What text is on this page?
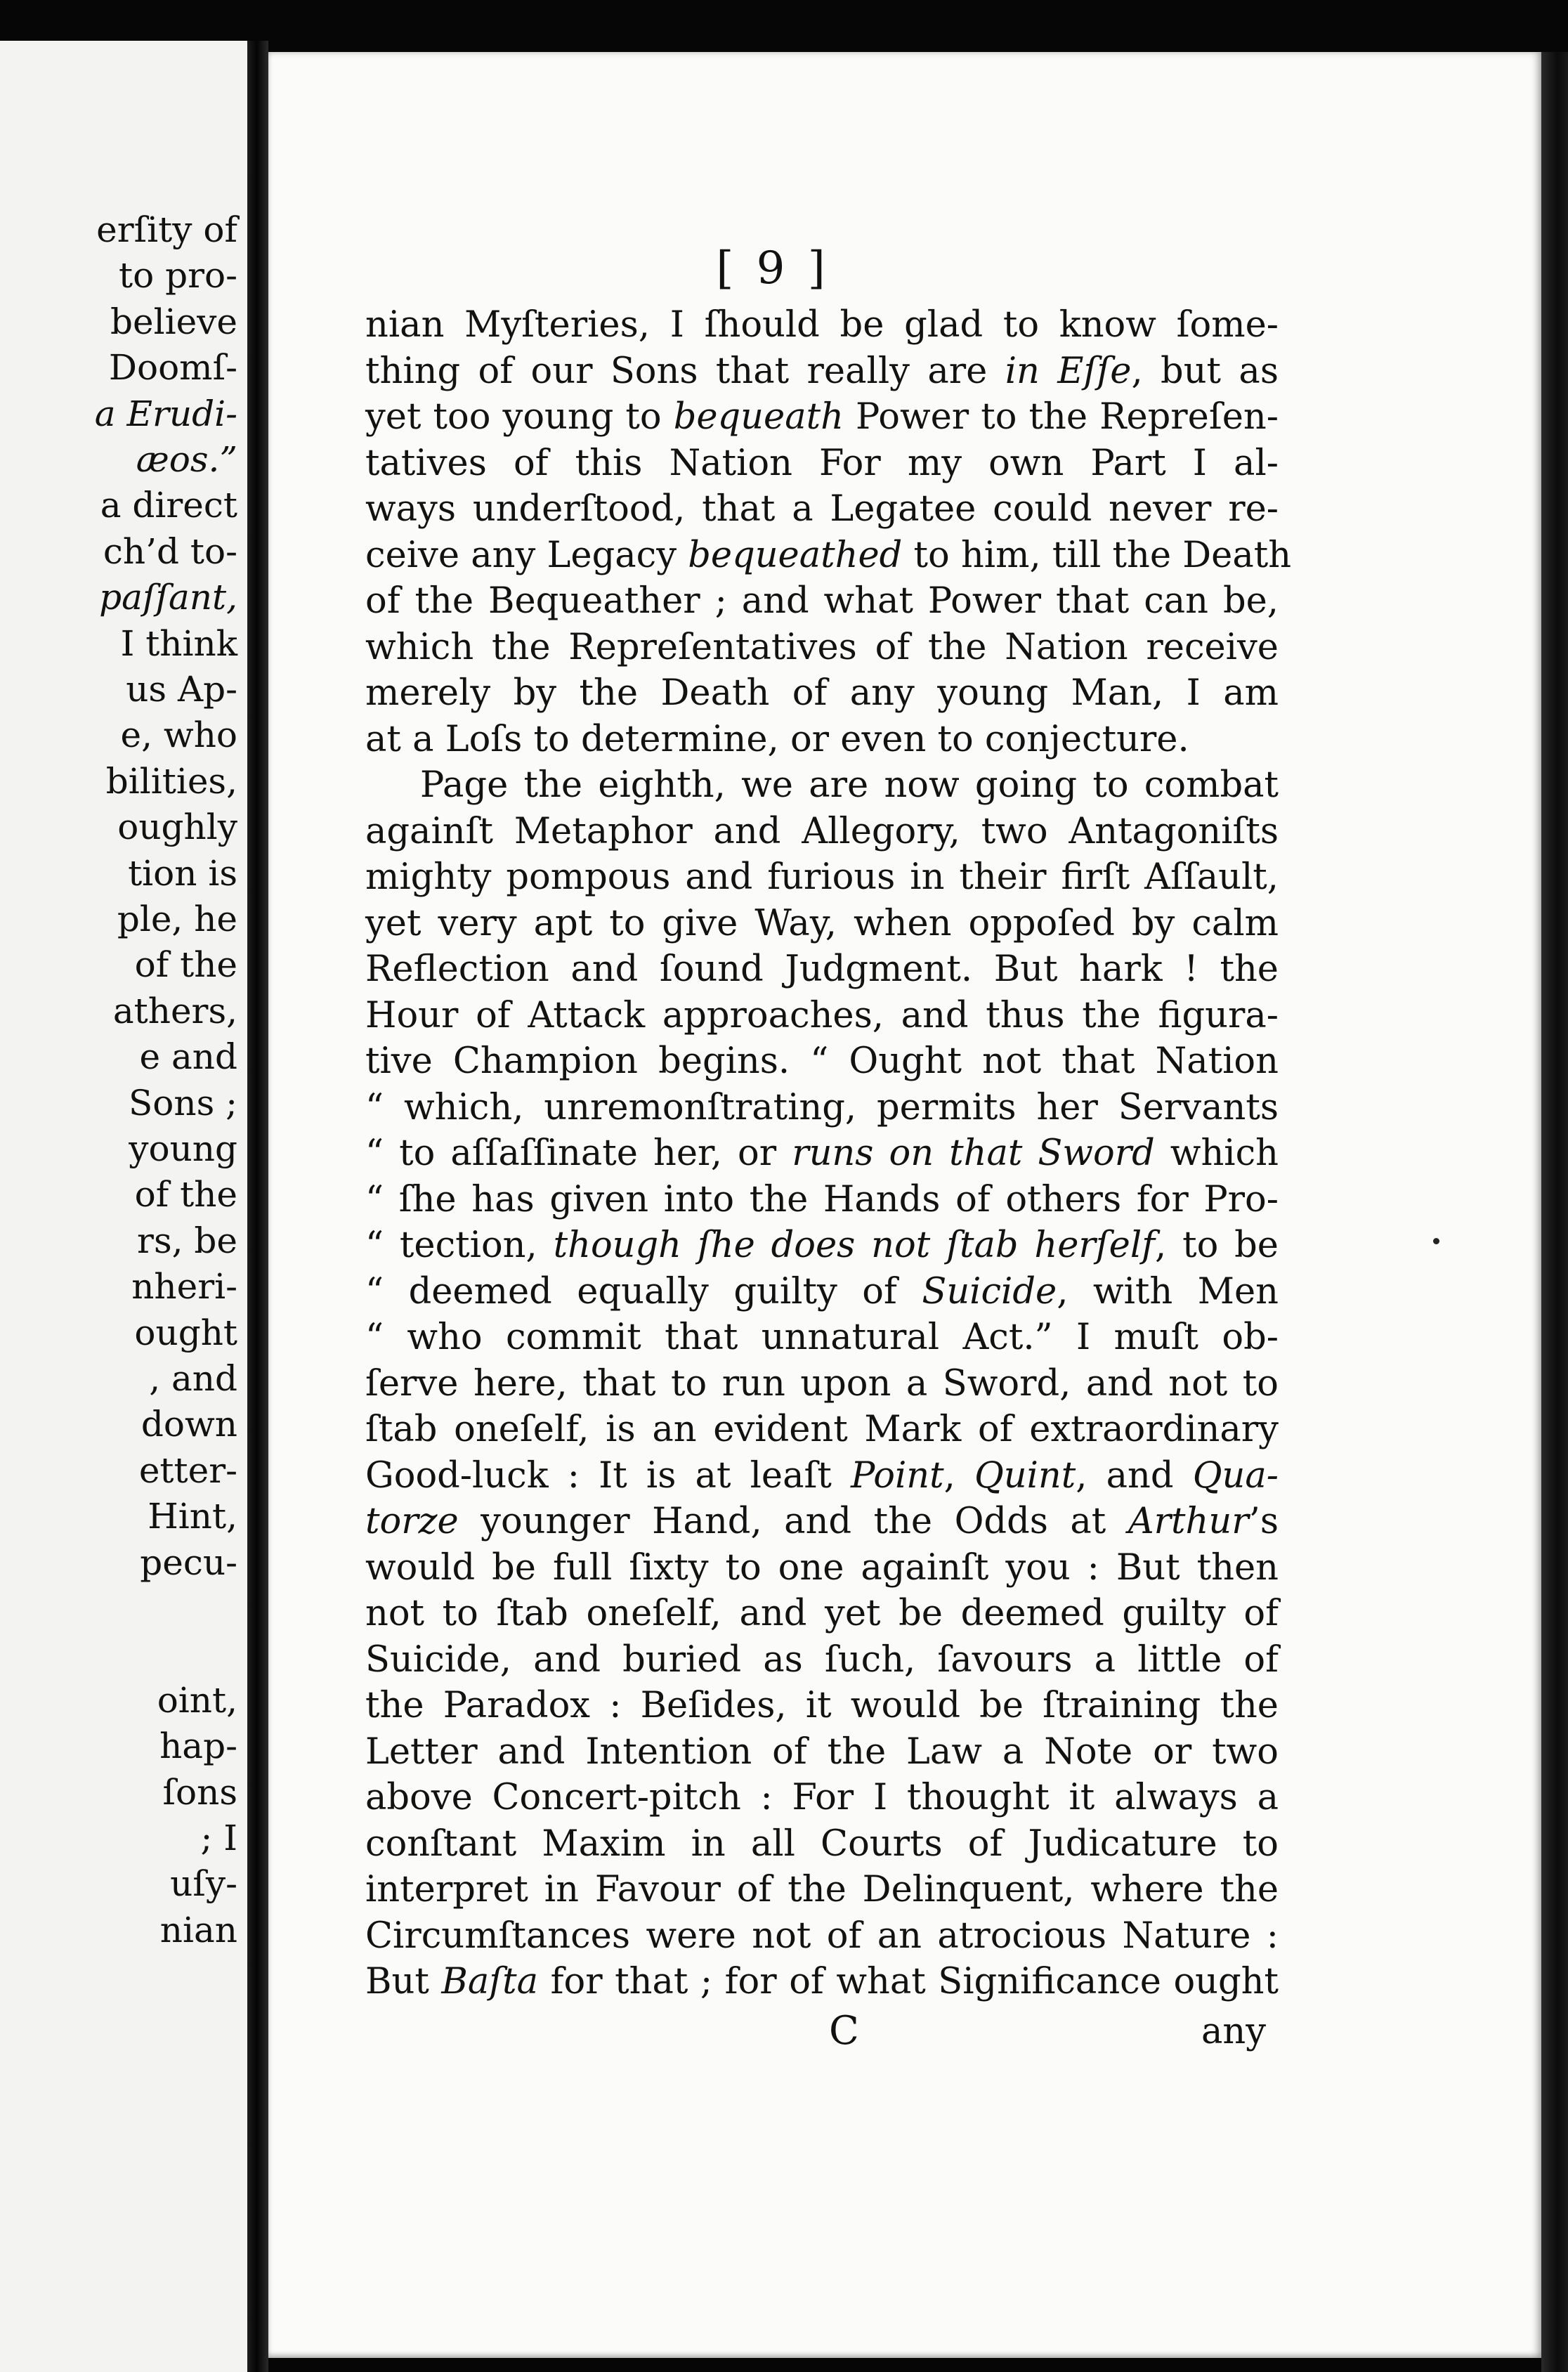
erſity of
to pro-
believe
Doomſ-
a Erudi-
æos.”
a direct
ch’d to-
paſſant,
I think
us Ap-
e, who
bilities,
oughly
tion is
ple, he
of the
athers,
e and
Sons ;
young
of the
rs, be
nheri-
ought
, and
down
etter-
Hint,
pecu-
oint,
hap-
ſons
; I
uſy-
nian
[ 9 ]
nian Myſteries, I ſhould be glad to know ſome-
thing of our Sons that really are in Eſſe, but as
yet too young to bequeath Power to the Repreſen-
tatives of this Nation For my own Part I al-
ways underſtood, that a Legatee could never re-
ceive any Legacy bequeathed to him, till the Death
of the Bequeather ; and what Power that can be,
which the Repreſentatives of the Nation receive
merely by the Death of any young Man, I am
at a Loſs to determine, or even to conjecture.
Page the eighth, we are now going to combat
againſt Metaphor and Allegory, two Antagoniſts
mighty pompous and furious in their firſt Aſſault,
yet very apt to give Way, when oppoſed by calm
Reflection and ſound Judgment. But hark ! the
Hour of Attack approaches, and thus the figura-
tive Champion begins. “ Ought not that Nation
“ which, unremonſtrating, permits her Servants
“ to aſſaſſinate her, or runs on that Sword which
“ ſhe has given into the Hands of others for Pro-
“ tection, though ſhe does not ſtab herſelf, to be
“ deemed equally guilty of Suicide, with Men
“ who commit that unnatural Act.” I muſt ob-
ſerve here, that to run upon a Sword, and not to
ſtab oneſelf, is an evident Mark of extraordinary
Good-luck : It is at leaſt Point, Quint, and Qua-
torze younger Hand, and the Odds at Arthur’s
would be full ſixty to one againſt you : But then
not to ſtab oneſelf, and yet be deemed guilty of
Suicide, and buried as ſuch, ſavours a little of
the Paradox : Beſides, it would be ſtraining the
Letter and Intention of the Law a Note or two
above Concert-pitch : For I thought it always a
conſtant Maxim in all Courts of Judicature to
interpret in Favour of the Delinquent, where the
Circumſtances were not of an atrocious Nature :
But Baſta for that ; for of what Significance ought
C	any
